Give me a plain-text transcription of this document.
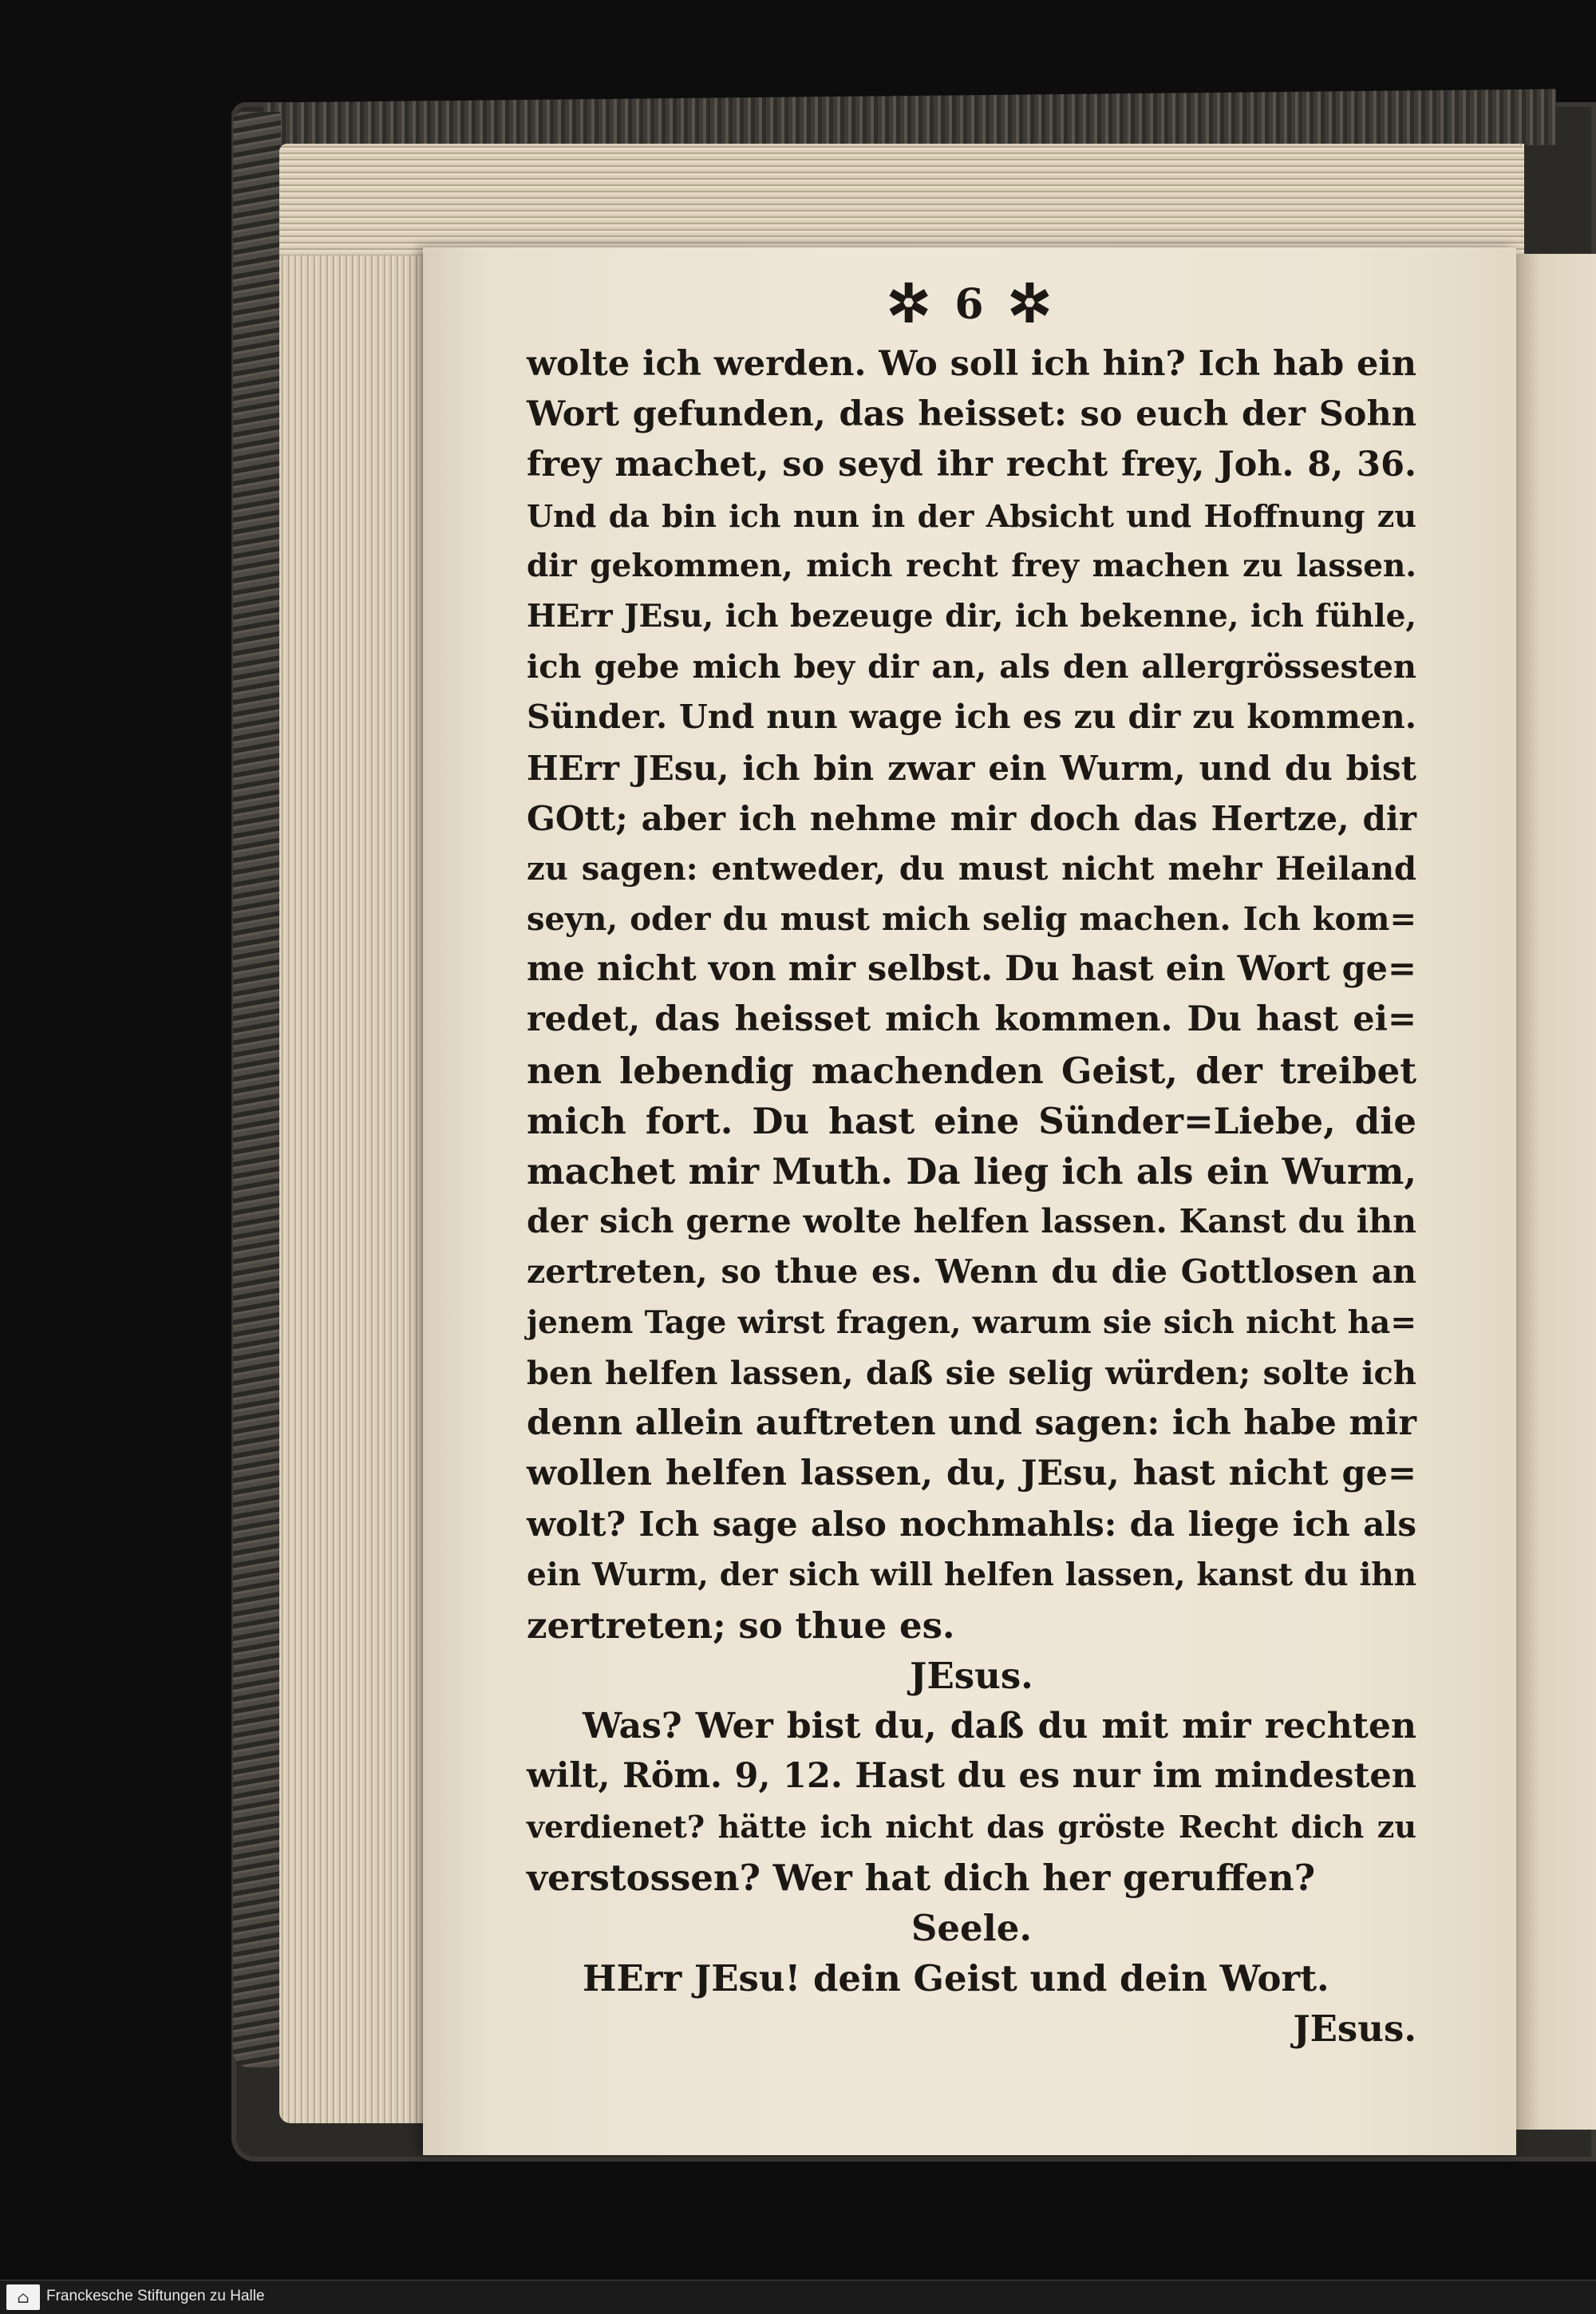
✲ 6 ✲
wolte ich werden. Wo soll ich hin? Ich hab ein
Wort gefunden, das heisset: so euch der Sohn
frey machet, so seyd ihr recht frey, Joh. 8, 36.
Und da bin ich nun in der Absicht und Hoffnung zu
dir gekommen, mich recht frey machen zu lassen.
HErr JEsu, ich bezeuge dir, ich bekenne, ich fühle,
ich gebe mich bey dir an, als den allergrössesten
Sünder. Und nun wage ich es zu dir zu kommen.
HErr JEsu, ich bin zwar ein Wurm, und du bist
GOtt; aber ich nehme mir doch das Hertze, dir
zu sagen: entweder, du must nicht mehr Heiland
seyn, oder du must mich selig machen. Ich kom=
me nicht von mir selbst. Du hast ein Wort ge=
redet, das heisset mich kommen. Du hast ei=
nen lebendig machenden Geist, der treibet
mich fort. Du hast eine Sünder=Liebe, die
machet mir Muth. Da lieg ich als ein Wurm,
der sich gerne wolte helfen lassen. Kanst du ihn
zertreten, so thue es. Wenn du die Gottlosen an
jenem Tage wirst fragen, warum sie sich nicht ha=
ben helfen lassen, daß sie selig würden; solte ich
denn allein auftreten und sagen: ich habe mir
wollen helfen lassen, du, JEsu, hast nicht ge=
wolt? Ich sage also nochmahls: da liege ich als
ein Wurm, der sich will helfen lassen, kanst du ihn
zertreten; so thue es.
JEsus.
Was? Wer bist du, daß du mit mir rechten
wilt, Röm. 9, 12. Hast du es nur im mindesten
verdienet? hätte ich nicht das gröste Recht dich zu
verstossen? Wer hat dich her geruffen?
Seele.
HErr JEsu! dein Geist und dein Wort.
JEsus.
⌂ Franckesche Stiftungen zu Halle
